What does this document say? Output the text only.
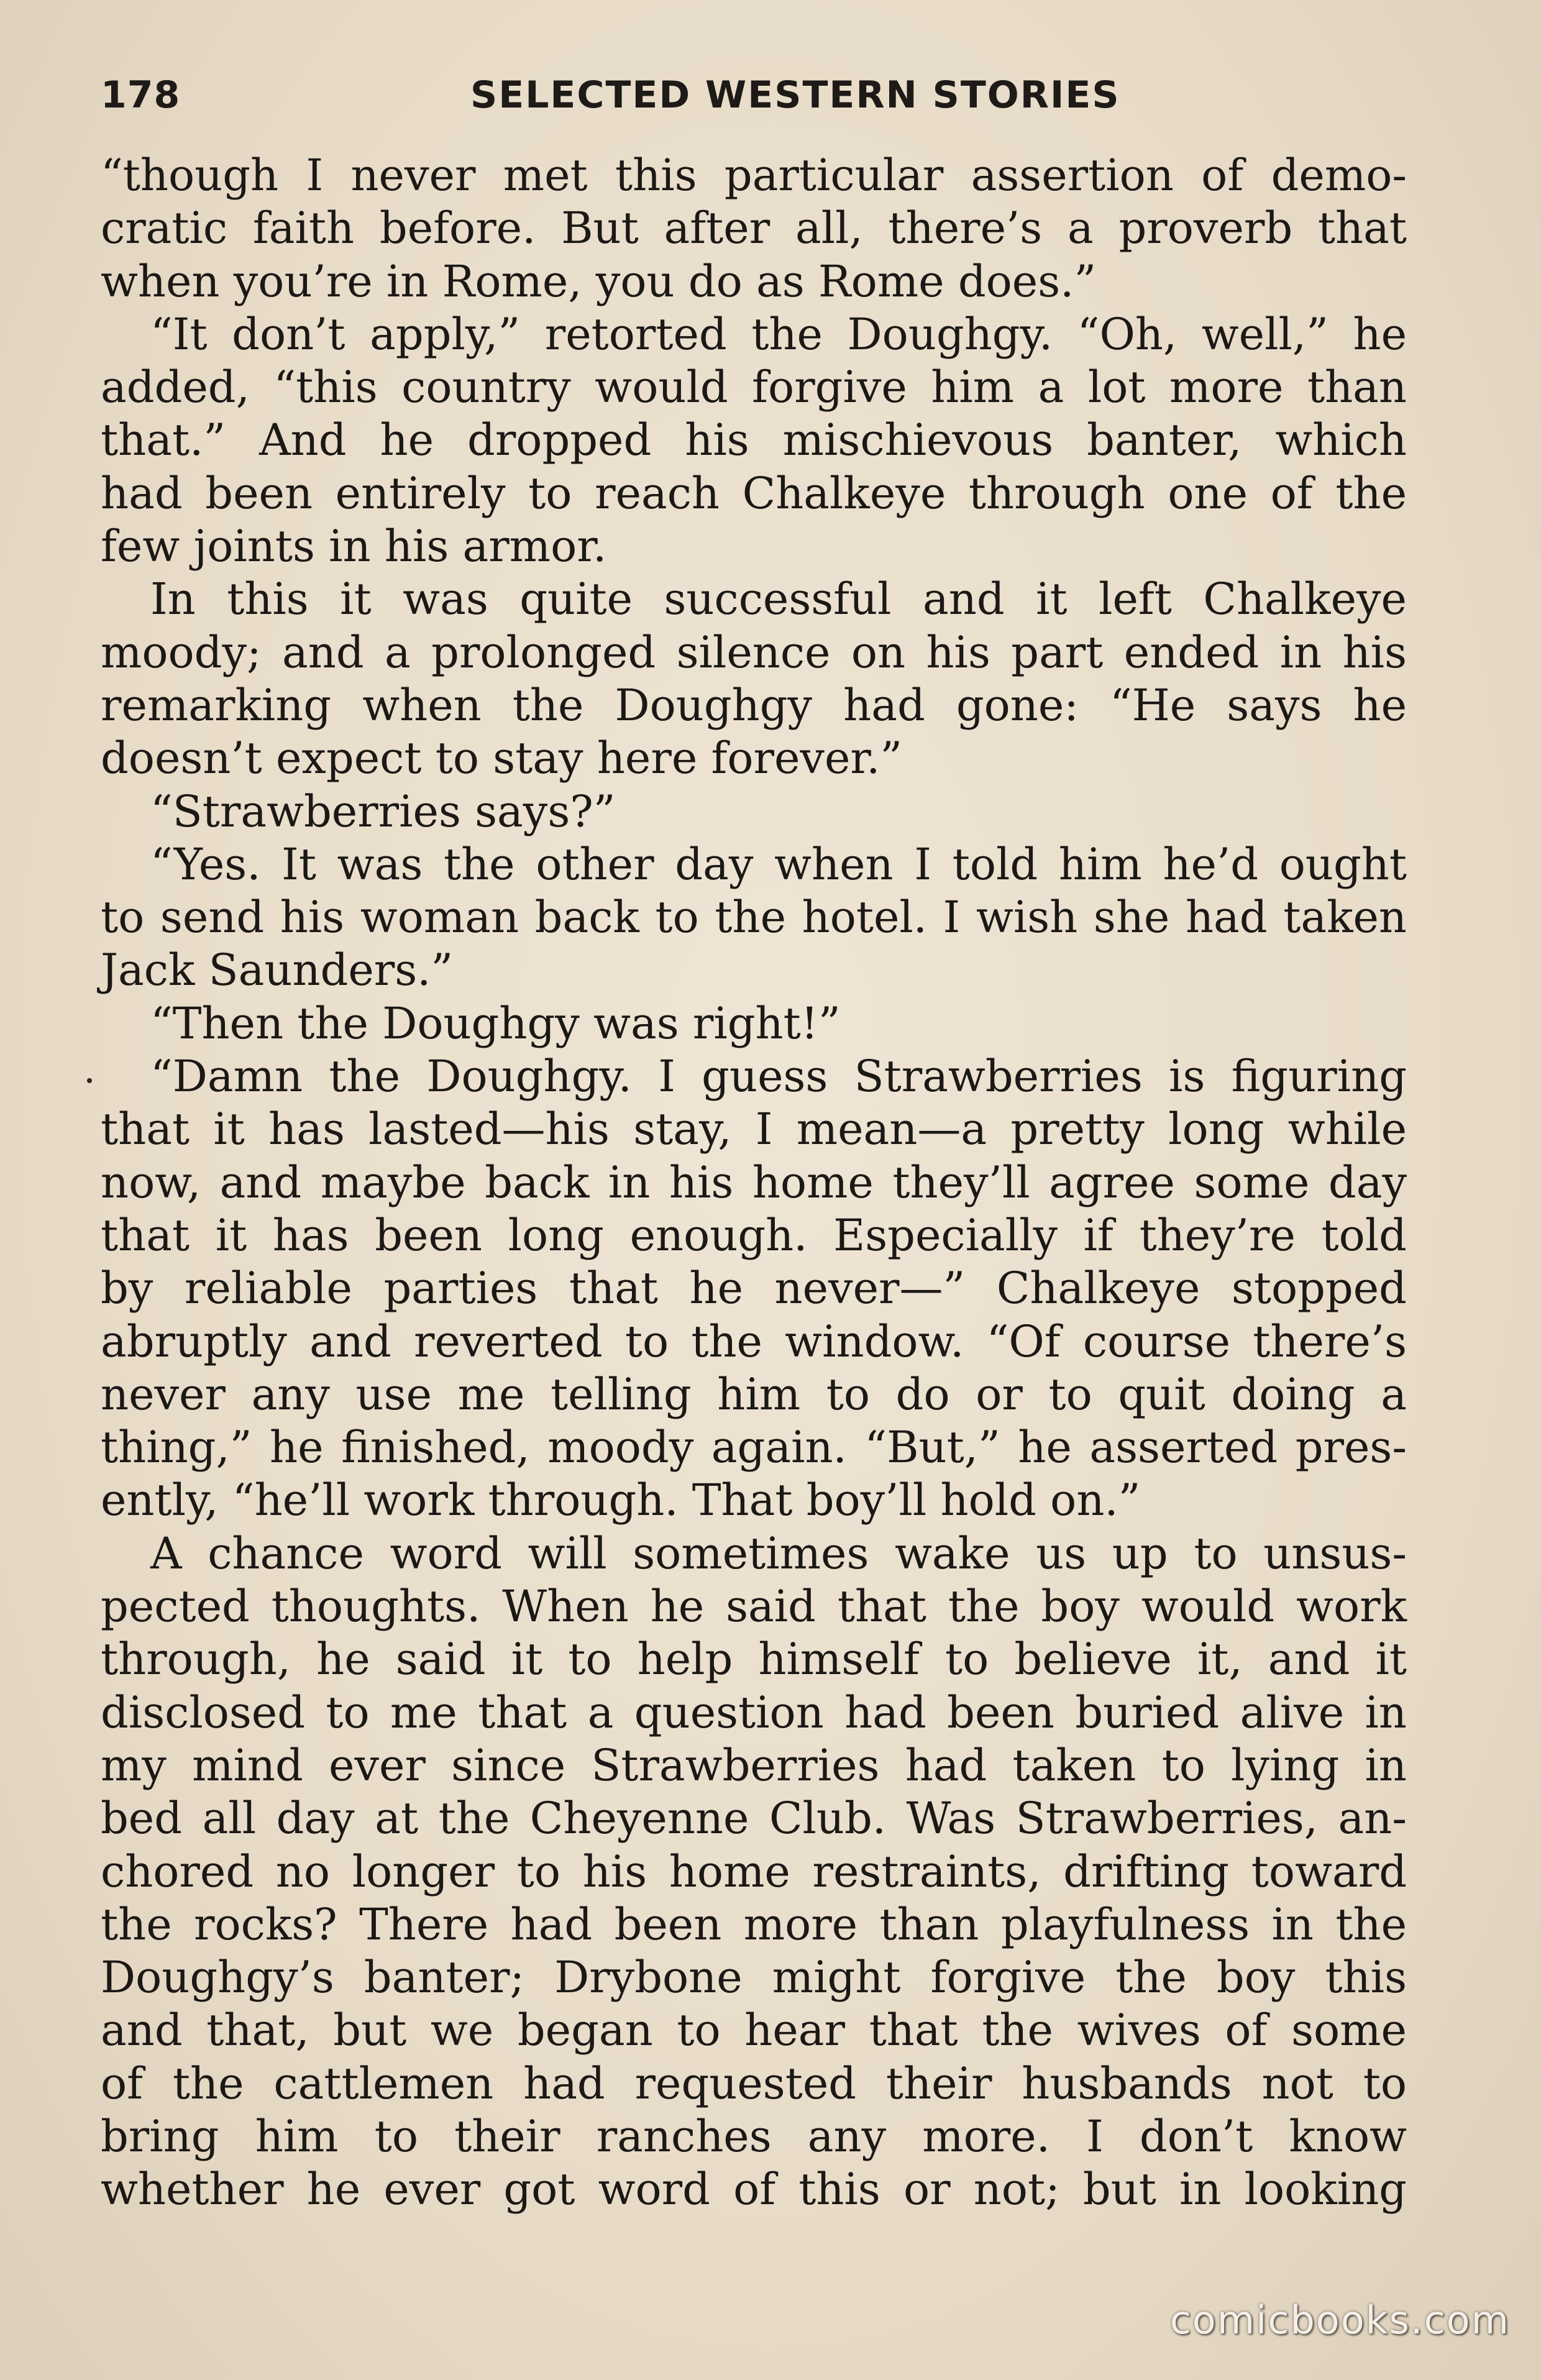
178	SELECTED WESTERN STORIES
“though I never met this particular assertion of demo-
cratic faith before. But after all, there’s a proverb that
when you’re in Rome, you do as Rome does.”
“It don’t apply,” retorted the Doughgy. “Oh, well,” he
added, “this country would forgive him a lot more than
that.” And he dropped his mischievous banter, which
had been entirely to reach Chalkeye through one of the
few joints in his armor.
In this it was quite successful and it left Chalkeye
moody; and a prolonged silence on his part ended in his
remarking when the Doughgy had gone: “He says he
doesn’t expect to stay here forever.”
“Strawberries says?”
“Yes. It was the other day when I told him he’d ought
to send his woman back to the hotel. I wish she had taken
Jack Saunders.”
“Then the Doughgy was right!”
“Damn the Doughgy. I guess Strawberries is figuring
that it has lasted—his stay, I mean—a pretty long while
now, and maybe back in his home they’ll agree some day
that it has been long enough. Especially if they’re told
by reliable parties that he never—” Chalkeye stopped
abruptly and reverted to the window. “Of course there’s
never any use me telling him to do or to quit doing a
thing,” he finished, moody again. “But,” he asserted pres-
ently, “he’ll work through. That boy’ll hold on.”
A chance word will sometimes wake us up to unsus-
pected thoughts. When he said that the boy would work
through, he said it to help himself to believe it, and it
disclosed to me that a question had been buried alive in
my mind ever since Strawberries had taken to lying in
bed all day at the Cheyenne Club. Was Strawberries, an-
chored no longer to his home restraints, drifting toward
the rocks? There had been more than playfulness in the
Doughgy’s banter; Drybone might forgive the boy this
and that, but we began to hear that the wives of some
of the cattlemen had requested their husbands not to
bring him to their ranches any more. I don’t know
whether he ever got word of this or not; but in looking
comicbooks.com
